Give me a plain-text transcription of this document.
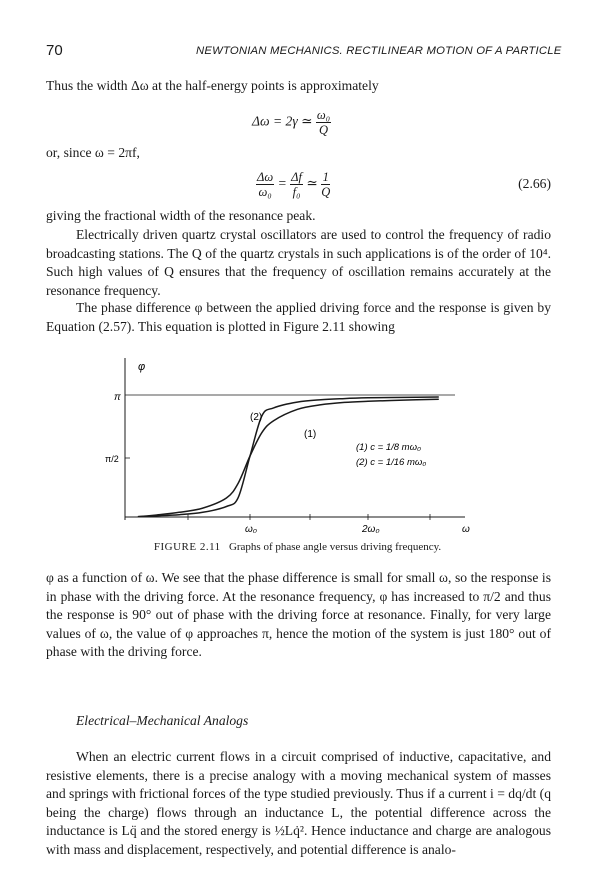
70	NEWTONIAN MECHANICS. RECTILINEAR MOTION OF A PARTICLE
Thus the width Δω at the half-energy points is approximately
Δω = 2γ ≃ $\frac{\text{ω₀}}{Q}$
or, since ω = 2πf,
$\frac{\Delta\omega}{\text{ω₀}} = \frac{\Delta f}{\text{f₀}}$ ≃ $\frac{1}{Q}$	(2.66)
giving the fractional width of the resonance peak.

Electrically driven quartz crystal oscillators are used to control the frequency of radio broadcasting stations. The Q of the quartz crystals in such applications is of the order of 10⁴. Such high values of Q ensures that the frequency of oscillation remains accurately at the resonance frequency.

The phase difference φ between the applied driving force and the response is given by Equation (2.57). This equation is plotted in Figure 2.11 showing

φ
π
π/2
ω₀	2ω₀	ω
(2)
(1)
(1) c = 1/8 mω₀
(2) c = 1/16 mω₀
FIGURE 2.11 Graphs of phase angle versus driving frequency.

φ as a function of ω. We see that the phase difference is small for small ω, so the response is in phase with the driving force. At the resonance frequency, φ has increased to π/2 and thus the response is 90° out of phase with the driving force at resonance. Finally, for very large values of ω, the value of φ approaches π, hence the motion of the system is just 180° out of phase with the driving force.

Electrical–Mechanical Analogs

When an electric current flows in a circuit comprised of inductive, capacitative, and resistive elements, there is a precise analogy with a moving mechanical system of masses and springs with frictional forces of the type studied previously. Thus if a current i = dq/dt (q being the charge) flows through an inductance L, the potential difference across the inductance is Lq̈ and the stored energy is ½Lq̇². Hence inductance and charge are analogous with mass and displacement, respectively, and potential difference is analo-
